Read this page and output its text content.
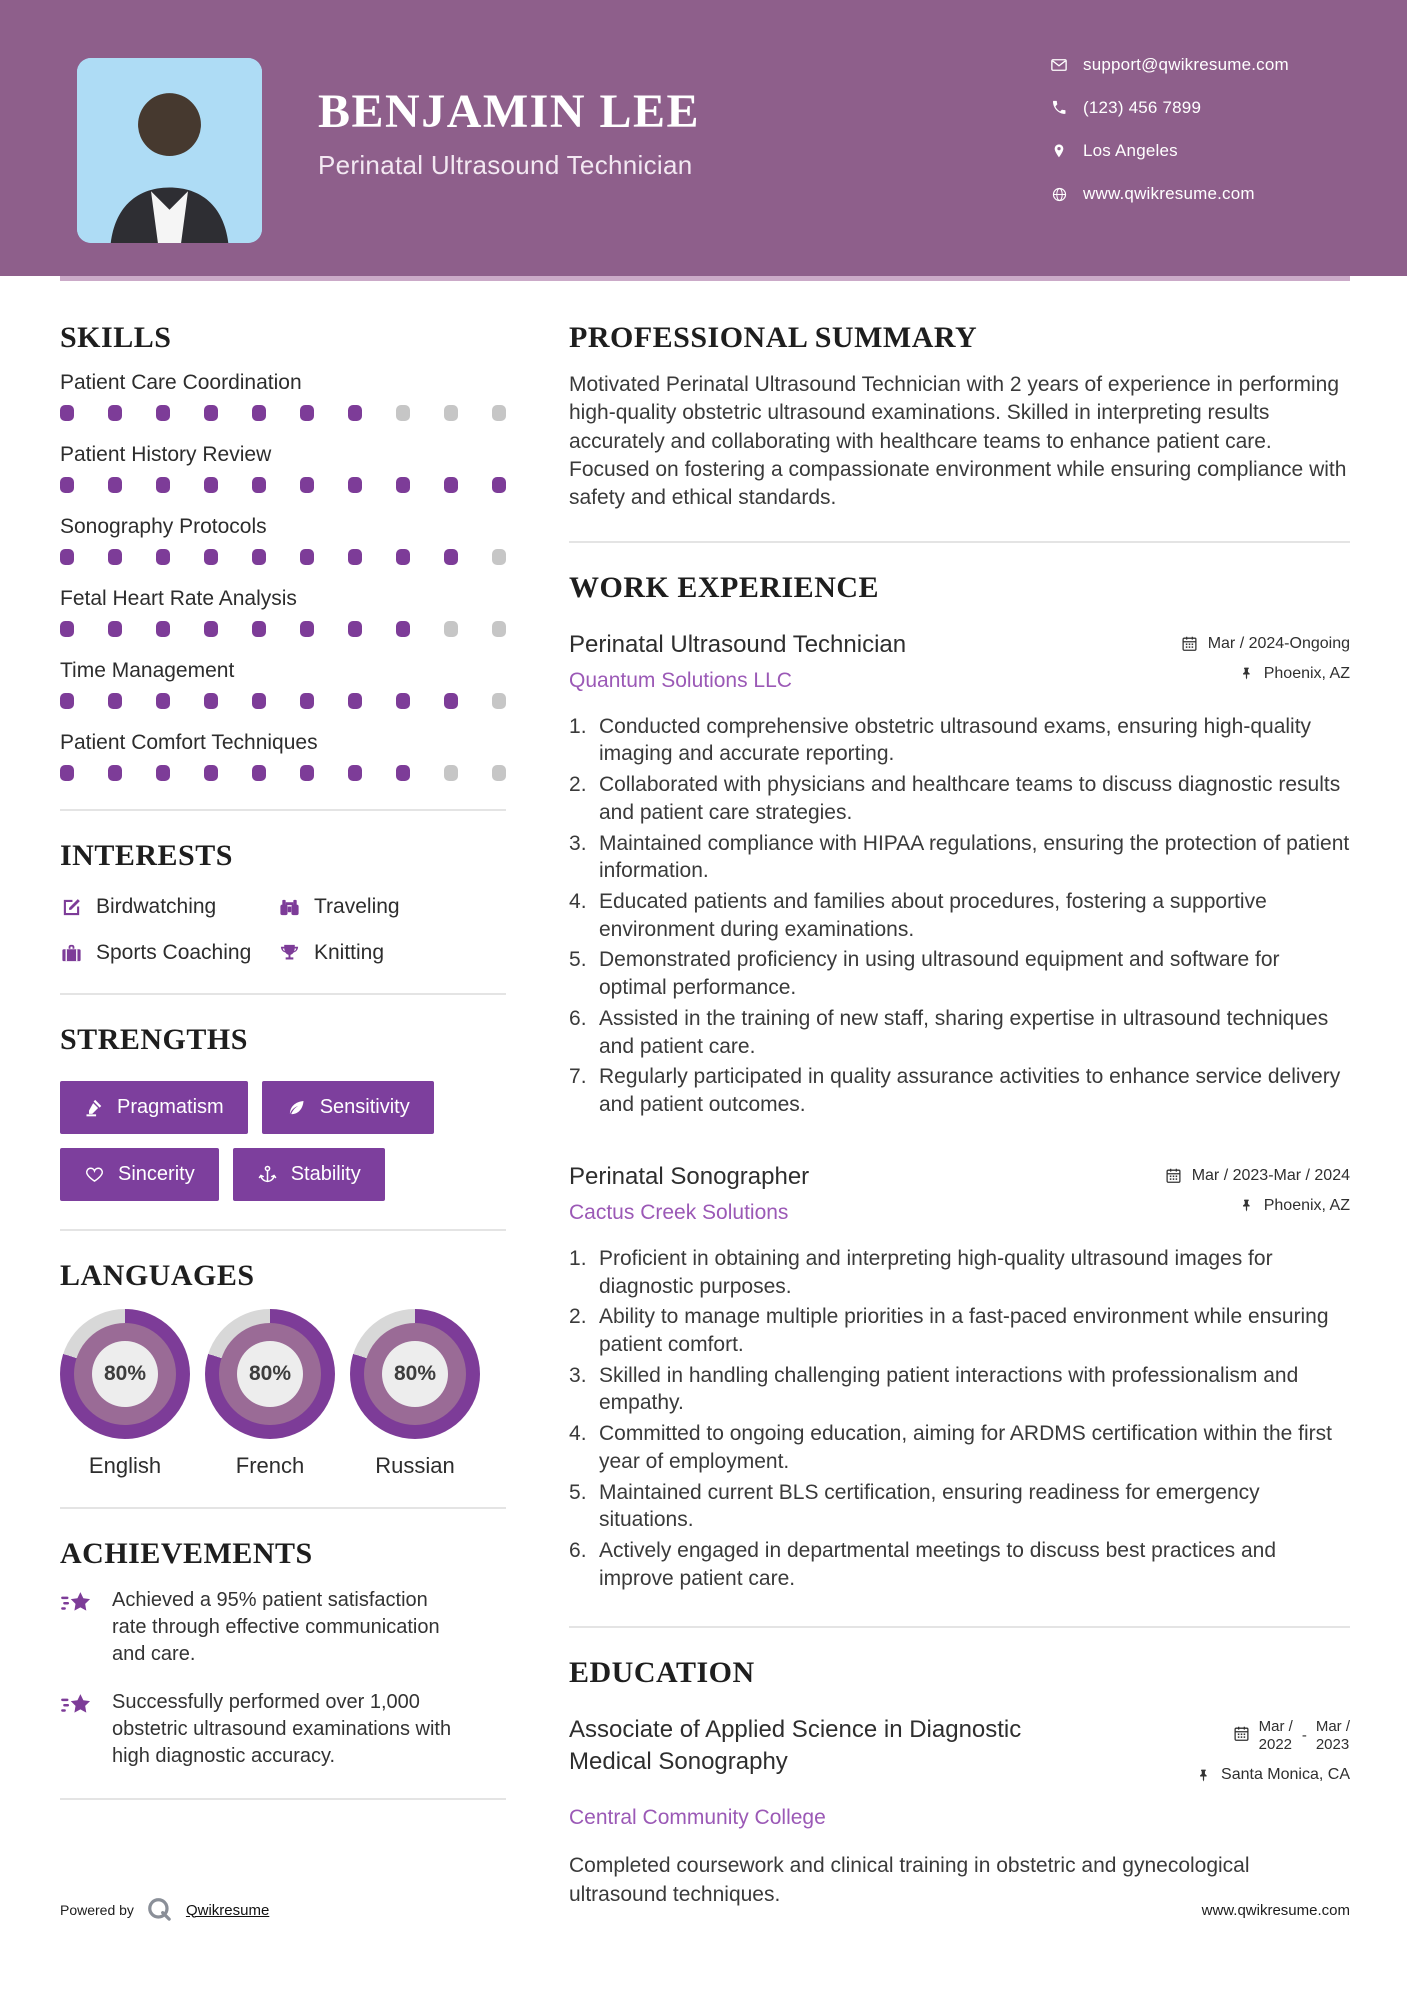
BENJAMIN LEE
Perinatal Ultrasound Technician
support@qwikresume.com
(123) 456 7899
Los Angeles
www.qwikresume.com
SKILLS
Patient Care Coordination
Patient History Review
Sonography Protocols
Fetal Heart Rate Analysis
Time Management
Patient Comfort Techniques
INTERESTS
Birdwatching	Traveling
Sports Coaching	Knitting
STRENGTHS
Pragmatism	Sensitivity
Sincerity	Stability
LANGUAGES
80%
English
80%
French
80%
Russian
ACHIEVEMENTS
Achieved a 95% patient satisfaction rate through effective communication and care.
Successfully performed over 1,000 obstetric ultrasound examinations with high diagnostic accuracy.
PROFESSIONAL SUMMARY

Motivated Perinatal Ultrasound Technician with 2 years of experience in performing high-quality obstetric ultrasound examinations. Skilled in interpreting results accurately and collaborating with healthcare teams to enhance patient care. Focused on fostering a compassionate environment while ensuring compliance with safety and ethical standards.

WORK EXPERIENCE
Perinatal Ultrasound Technician
Quantum Solutions LLC
Mar / 2024-Ongoing
Phoenix, AZ
Conducted comprehensive obstetric ultrasound exams, ensuring high-quality imaging and accurate reporting.
Collaborated with physicians and healthcare teams to discuss diagnostic results and patient care strategies.
Maintained compliance with HIPAA regulations, ensuring the protection of patient information.
Educated patients and families about procedures, fostering a supportive environment during examinations.
Demonstrated proficiency in using ultrasound equipment and software for optimal performance.
Assisted in the training of new staff, sharing expertise in ultrasound techniques and patient care.
Regularly participated in quality assurance activities to enhance service delivery and patient outcomes.
Perinatal Sonographer
Cactus Creek Solutions
Mar / 2023-Mar / 2024
Phoenix, AZ
Proficient in obtaining and interpreting high-quality ultrasound images for diagnostic purposes.
Ability to manage multiple priorities in a fast-paced environment while ensuring patient comfort.
Skilled in handling challenging patient interactions with professionalism and empathy.
Committed to ongoing education, aiming for ARDMS certification within the first year of employment.
Maintained current BLS certification, ensuring readiness for emergency situations.
Actively engaged in departmental meetings to discuss best practices and improve patient care.
EDUCATION
Associate of Applied Science in Diagnostic Medical Sonography
Mar /
2022
-
Mar /
2023
Santa Monica, CA
Central Community College

Completed coursework and clinical training in obstetric and gynecological ultrasound techniques.

Powered by	Qwikresume	www.qwikresume.com
